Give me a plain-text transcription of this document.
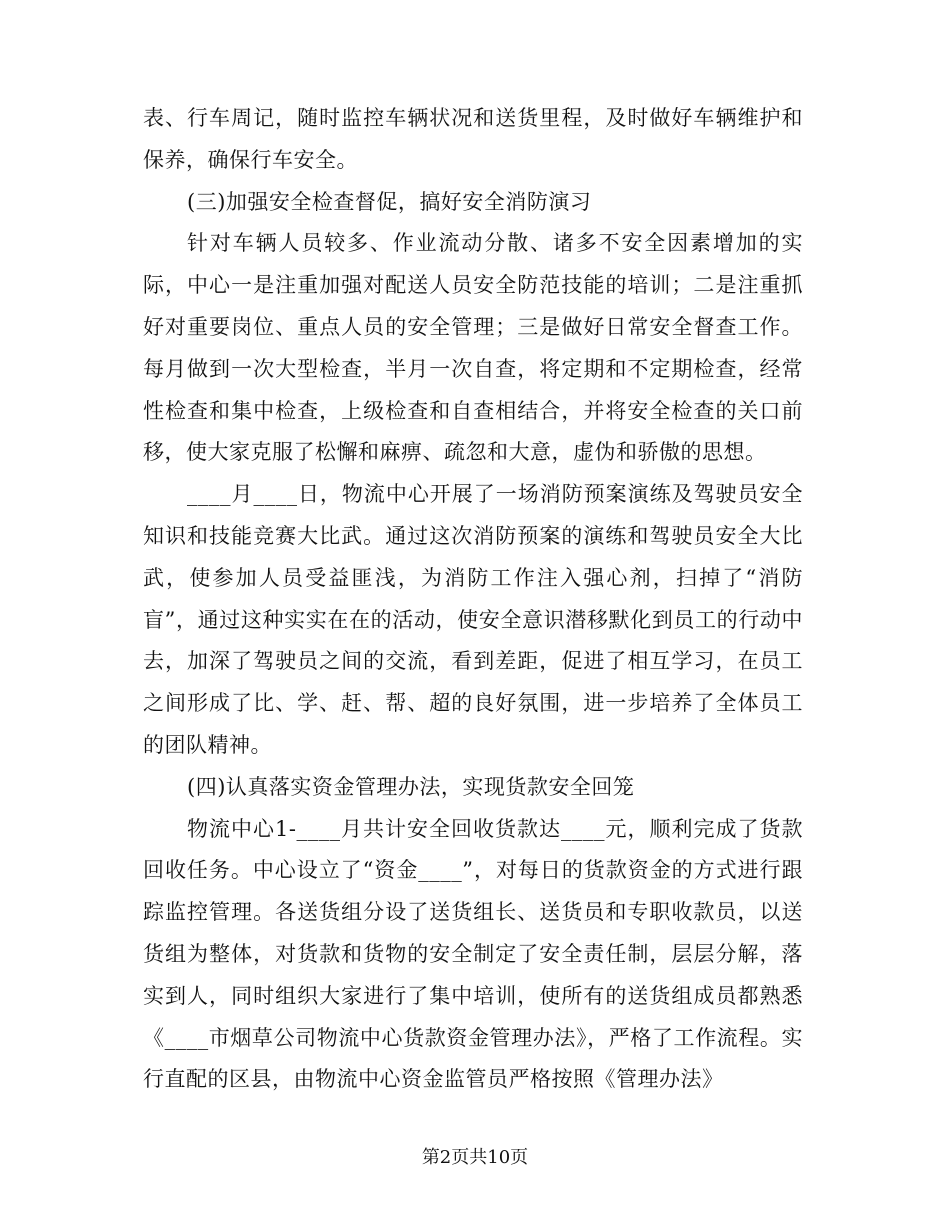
表、行车周记，随时监控车辆状况和送货里程，及时做好车辆维护和保养，确保行车安全。

(三)加强安全检查督促，搞好安全消防演习

针对车辆人员较多、作业流动分散、诸多不安全因素增加的实际，中心一是注重加强对配送人员安全防范技能的培训；二是注重抓好对重要岗位、重点人员的安全管理；三是做好日常安全督查工作。每月做到一次大型检查，半月一次自查，将定期和不定期检查，经常性检查和集中检查，上级检查和自查相结合，并将安全检查的关口前移，使大家克服了松懈和麻痹、疏忽和大意，虚伪和骄傲的思想。

____月____日，物流中心开展了一场消防预案演练及驾驶员安全知识和技能竞赛大比武。通过这次消防预案的演练和驾驶员安全大比武，使参加人员受益匪浅，为消防工作注入强心剂，扫掉了“消防盲”，通过这种实实在在的活动，使安全意识潜移默化到员工的行动中去，加深了驾驶员之间的交流，看到差距，促进了相互学习，在员工之间形成了比、学、赶、帮、超的良好氛围，进一步培养了全体员工的团队精神。

(四)认真落实资金管理办法，实现货款安全回笼

物流中心1-____月共计安全回收货款达____元，顺利完成了货款回收任务。中心设立了“资金____”，对每日的货款资金的方式进行跟踪监控管理。各送货组分设了送货组长、送货员和专职收款员，以送货组为整体，对货款和货物的安全制定了安全责任制，层层分解，落实到人，同时组织大家进行了集中培训，使所有的送货组成员都熟悉《____市烟草公司物流中心货款资金管理办法》，严格了工作流程。实行直配的区县，由物流中心资金监管员严格按照《管理办法》

第2页共10页
